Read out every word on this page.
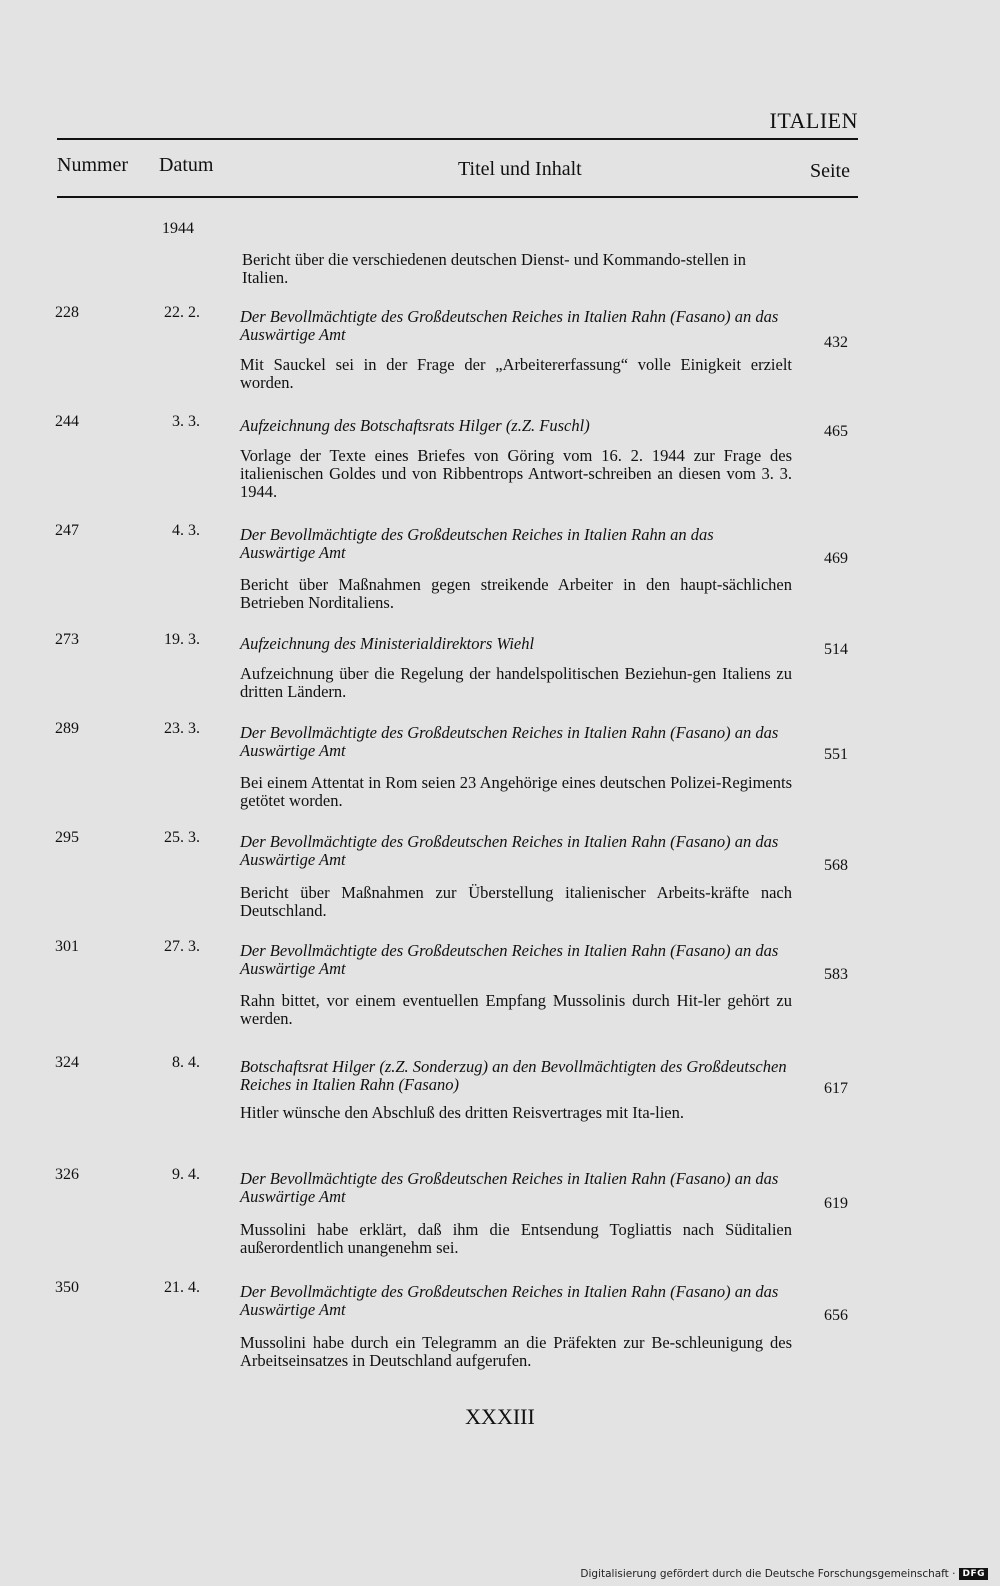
ITALIEN
Nummer Datum	Titel und Inhalt	Seite
1944
Bericht über die verschiedenen deutschen Dienst- und Kommando-stellen in Italien.
228	22. 2. Der Bevollmächtigte des Großdeutschen Reiches in Italien Rahn (Fasano) an das Auswärtige Amt	432
Mit Sauckel sei in der Frage der „Arbeitererfassung“ volle Einigkeit erzielt worden.
244	3. 3. Aufzeichnung des Botschaftsrats Hilger (z.Z. Fuschl)	465
Vorlage der Texte eines Briefes von Göring vom 16. 2. 1944 zur Frage des italienischen Goldes und von Ribbentrops Antwort-schreiben an diesen vom 3. 3. 1944.
247	4. 3. Der Bevollmächtigte des Großdeutschen Reiches in Italien Rahn an das Auswärtige Amt	469
Bericht über Maßnahmen gegen streikende Arbeiter in den haupt-sächlichen Betrieben Norditaliens.
273	19. 3. Aufzeichnung des Ministerialdirektors Wiehl	514
Aufzeichnung über die Regelung der handelspolitischen Beziehun-gen Italiens zu dritten Ländern.
289	23. 3. Der Bevollmächtigte des Großdeutschen Reiches in Italien Rahn (Fasano) an das Auswärtige Amt	551
Bei einem Attentat in Rom seien 23 Angehörige eines deutschen Polizei-Regiments getötet worden.
295	25. 3. Der Bevollmächtigte des Großdeutschen Reiches in Italien Rahn (Fasano) an das Auswärtige Amt	568
Bericht über Maßnahmen zur Überstellung italienischer Arbeits-kräfte nach Deutschland.
301	27. 3. Der Bevollmächtigte des Großdeutschen Reiches in Italien Rahn (Fasano) an das Auswärtige Amt	583
Rahn bittet, vor einem eventuellen Empfang Mussolinis durch Hit-ler gehört zu werden.
324	8. 4. Botschaftsrat Hilger (z.Z. Sonderzug) an den Bevollmächtigten des Großdeutschen Reiches in Italien Rahn (Fasano)	617
Hitler wünsche den Abschluß des dritten Reisvertrages mit Ita-lien.
326	9. 4. Der Bevollmächtigte des Großdeutschen Reiches in Italien Rahn (Fasano) an das Auswärtige Amt	619
Mussolini habe erklärt, daß ihm die Entsendung Togliattis nach Süditalien außerordentlich unangenehm sei.
350	21. 4. Der Bevollmächtigte des Großdeutschen Reiches in Italien Rahn (Fasano) an das Auswärtige Amt	656
Mussolini habe durch ein Telegramm an die Präfekten zur Be-schleunigung des Arbeitseinsatzes in Deutschland aufgerufen.
XXXIII
Digitalisierung gefördert durch die Deutsche Forschungsgemeinschaft · DFG
